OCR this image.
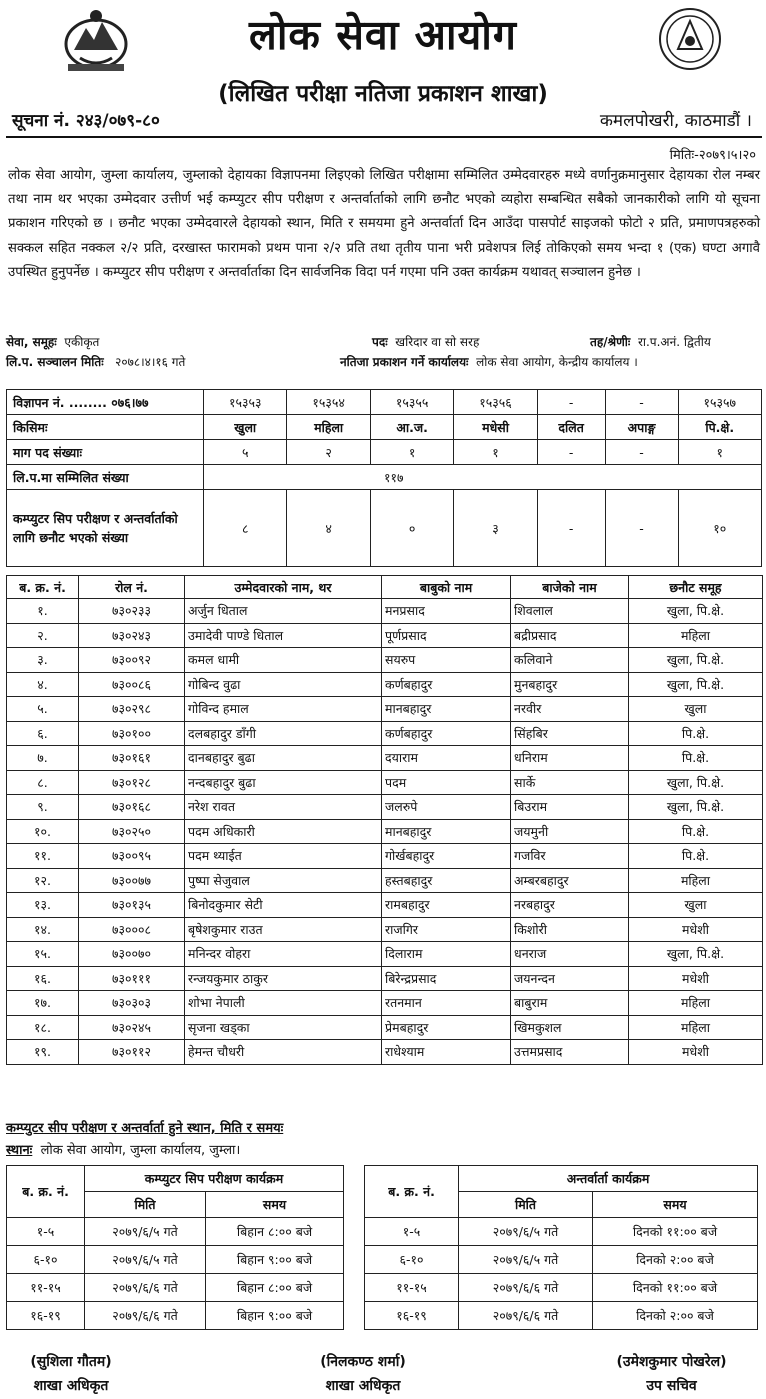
लोक सेवा आयोग
(लिखित परीक्षा नतिजा प्रकाशन शाखा)
सूचना नं. २४३/०७९-८०	कमलपोखरी, काठमाडौं ।
मितिः-२०७९।५।२०
लोक सेवा आयोग, जुम्ला कार्यालय, जुम्लाको देहायका विज्ञापनमा लिइएको लिखित परीक्षामा सम्मिलित उम्मेदवारहरु मध्ये वर्णानुक्रमानुसार देहायका रोल नम्बर तथा नाम थर भएका उम्मेदवार उत्तीर्ण भई कम्प्युटर सीप परीक्षण र अन्तर्वार्ताको लागि छनौट भएको व्यहोरा सम्बन्धित सबैको जानकारीको लागि यो सूचना प्रकाशन गरिएको छ । छनौट भएका उम्मेदवारले देहायको स्थान, मिति र समयमा हुने अन्तर्वार्ता दिन आउँदा पासपोर्ट साइजको फोटो २ प्रति, प्रमाणपत्रहरुको सक्कल सहित नक्कल २/२ प्रति, दरखास्त फारामको प्रथम पाना २/२ प्रति तथा तृतीय पाना भरी प्रवेशपत्र लिई तोकिएको समय भन्दा १ (एक) घण्टा अगावै उपस्थित हुनुपर्नेछ । कम्प्युटर सीप परीक्षण र अन्तर्वार्ताका दिन सार्वजनिक विदा पर्न गएमा पनि उक्त कार्यक्रम यथावत् सञ्चालन हुनेछ ।
सेवा, समूहः एकीकृत	पदः खरिदार वा सो सरह	तह/श्रेणीः रा.प.अनं. द्वितीय
लि.प. सञ्चालन मितिः २०७८।४।१६ गते	नतिजा प्रकाशन गर्ने कार्यालयः लोक सेवा आयोग, केन्द्रीय कार्यालय ।
विज्ञापन नं. ........ ०७६।७७	१५३५३	१५३५४	१५३५५	१५३५६	-	-	१५३५७
किसिमः	खुला	महिला	आ.ज.	मधेसी	दलित	अपाङ्ग	पि.क्षे.
माग पद संख्याः	५	२	१	१	-	-	१
लि.प.मा सम्मिलित संख्या	११७						
कम्प्युटर सिप परीक्षण र अन्तर्वार्ताको लागि छनौट भएको संख्या	८	४	०	३	-	-	१०
ब. क्र. नं.	रोल नं.	उम्मेदवारको नाम, थर	बाबुको नाम	बाजेको नाम	छनौट समूह
१.	७३०२३३	अर्जुन धिताल	मनप्रसाद	शिवलाल	खुला, पि.क्षे.
२.	७३०२४३	उमादेवी पाण्डे धिताल	पूर्णप्रसाद	बद्रीप्रसाद	महिला
३.	७३००९२	कमल धामी	सयरुप	कलिवाने	खुला, पि.क्षे.
४.	७३००८६	गोबिन्द वुढा	कर्णबहादुर	मुनबहादुर	खुला, पि.क्षे.
५.	७३०२९८	गोविन्द हमाल	मानबहादुर	नरवीर	खुला
६.	७३०१००	दलबहादुर डाँगी	कर्णबहादुर	सिंहबिर	पि.क्षे.
७.	७३०१६१	दानबहादुर बुढा	दयाराम	धनिराम	पि.क्षे.
८.	७३०१२८	नन्दबहादुर बुढा	पदम	सार्के	खुला, पि.क्षे.
९.	७३०१६८	नरेश रावत	जलरुपे	बिउराम	खुला, पि.क्षे.
१०.	७३०२५०	पदम अधिकारी	मानबहादुर	जयमुनी	पि.क्षे.
११.	७३००९५	पदम थ्याईत	गोर्खबहादुर	गजविर	पि.क्षे.
१२.	७३००७७	पुष्पा सेजुवाल	हस्तबहादुर	अम्बरबहादुर	महिला
१३.	७३०१३५	बिनोदकुमार सेटी	रामबहादुर	नरबहादुर	खुला
१४.	७३०००८	बृषेशकुमार राउत	राजगिर	किशोरी	मधेशी
१५.	७३००७०	मनिन्दर वोहरा	दिलाराम	धनराज	खुला, पि.क्षे.
१६.	७३०१११	रन्जयकुमार ठाकुर	बिरेन्द्रप्रसाद	जयनन्दन	मधेशी
१७.	७३०३०३	शोभा नेपाली	रतनमान	बाबुराम	महिला
१८.	७३०२४५	सृजना खड्का	प्रेमबहादुर	खिमकुशल	महिला
१९.	७३०११२	हेमन्त चौधरी	राधेश्याम	उत्तमप्रसाद	मधेशी
कम्प्युटर सीप परीक्षण र अन्तर्वार्ता हुने स्थान, मिति र समयः
स्थानः लोक सेवा आयोग, जुम्ला कार्यालय, जुम्ला।
ब. क्र. नं.	कम्प्युटर सिप परीक्षण कार्यक्रम	
	मिति	समय
१-५	२०७९/६/५ गते	बिहान ८:०० बजे
६-१०	२०७९/६/५ गते	बिहान ९:०० बजे
११-१५	२०७९/६/६ गते	बिहान ८:०० बजे
१६-१९	२०७९/६/६ गते	बिहान ९:०० बजे
ब. क्र. नं.	अन्तर्वार्ता कार्यक्रम	
	मिति	समय
१-५	२०७९/६/५ गते	दिनको ११:०० बजे
६-१०	२०७९/६/५ गते	दिनको २:०० बजे
११-१५	२०७९/६/६ गते	दिनको ११:०० बजे
१६-१९	२०७९/६/६ गते	दिनको २:०० बजे
(सुशिला गौतम)
शाखा अधिकृत
(निलकण्ठ शर्मा)
शाखा अधिकृत
(उमेशकुमार पोखरेल)
उप सचिव
